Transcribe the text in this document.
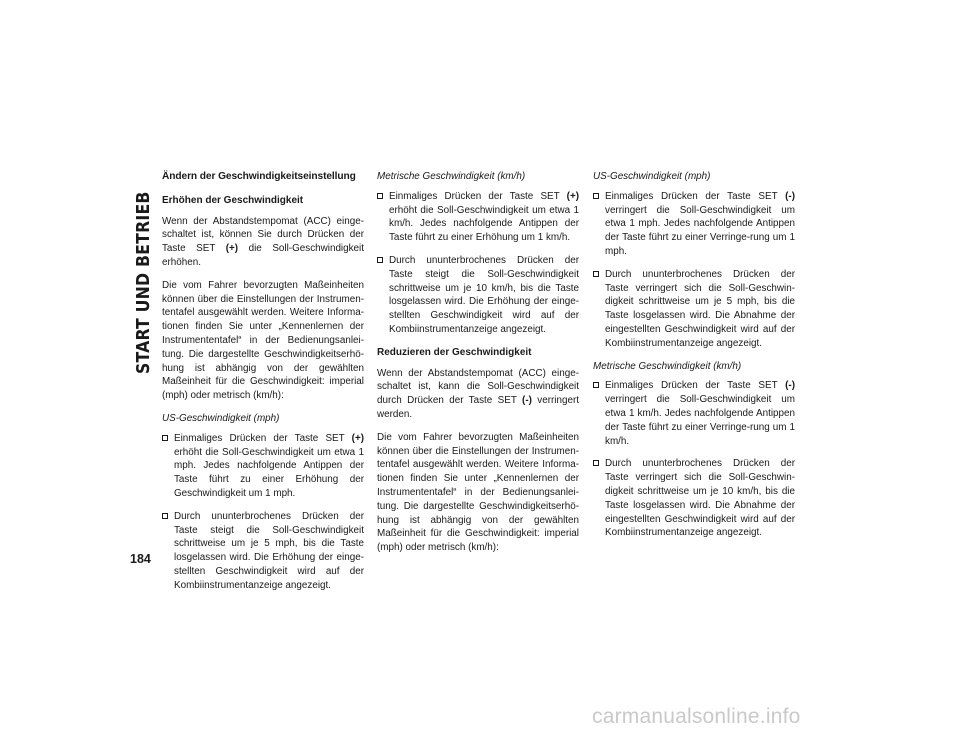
START UND BETRIEB
184
Ändern der Geschwindigkeitseinstellung
Erhöhen der Geschwindigkeit

Wenn der Abstandstempomat (ACC) einge-schaltet ist, können Sie durch Drücken der Taste SET (+) die Soll-Geschwindigkeit erhöhen.

Die vom Fahrer bevorzugten Maßeinheiten können über die Einstellungen der Instrumen-tentafel ausgewählt werden. Weitere Informa-tionen finden Sie unter „Kennenlernen der Instrumententafel“ in der Bedienungsanlei-tung. Die dargestellte Geschwindigkeitserhö-hung ist abhängig von der gewählten Maßeinheit für die Geschwindigkeit: imperial (mph) oder metrisch (km/h):

US-Geschwindigkeit (mph)
Einmaliges Drücken der Taste SET (+) erhöht die Soll-Geschwindigkeit um etwa 1 mph. Jedes nachfolgende Antippen der Taste führt zu einer Erhöhung der Geschwindigkeit um 1 mph.
Durch ununterbrochenes Drücken der Taste steigt die Soll-Geschwindigkeit schrittweise um je 5 mph, bis die Taste losgelassen wird. Die Erhöhung der einge-stellten Geschwindigkeit wird auf der Kombiinstrumentanzeige angezeigt.
Metrische Geschwindigkeit (km/h)
Einmaliges Drücken der Taste SET (+) erhöht die Soll-Geschwindigkeit um etwa 1 km/h. Jedes nachfolgende Antippen der Taste führt zu einer Erhöhung um 1 km/h.
Durch ununterbrochenes Drücken der Taste steigt die Soll-Geschwindigkeit schrittweise um je 10 km/h, bis die Taste losgelassen wird. Die Erhöhung der einge-stellten Geschwindigkeit wird auf der Kombiinstrumentanzeige angezeigt.
Reduzieren der Geschwindigkeit

Wenn der Abstandstempomat (ACC) einge-schaltet ist, kann die Soll-Geschwindigkeit durch Drücken der Taste SET (-) verringert werden.

Die vom Fahrer bevorzugten Maßeinheiten können über die Einstellungen der Instrumen-tentafel ausgewählt werden. Weitere Informa-tionen finden Sie unter „Kennenlernen der Instrumententafel“ in der Bedienungsanlei-tung. Die dargestellte Geschwindigkeitserhö-hung ist abhängig von der gewählten Maßeinheit für die Geschwindigkeit: imperial (mph) oder metrisch (km/h):

US-Geschwindigkeit (mph)
Einmaliges Drücken der Taste SET (-) verringert die Soll-Geschwindigkeit um etwa 1 mph. Jedes nachfolgende Antippen der Taste führt zu einer Verringe-rung um 1 mph.
Durch ununterbrochenes Drücken der Taste verringert sich die Soll-Geschwin-digkeit schrittweise um je 5 mph, bis die Taste losgelassen wird. Die Abnahme der eingestellten Geschwindigkeit wird auf der Kombiinstrumentanzeige angezeigt.
Metrische Geschwindigkeit (km/h)
Einmaliges Drücken der Taste SET (-) verringert die Soll-Geschwindigkeit um etwa 1 km/h. Jedes nachfolgende Antippen der Taste führt zu einer Verringe-rung um 1 km/h.
Durch ununterbrochenes Drücken der Taste verringert sich die Soll-Geschwin-digkeit schrittweise um je 10 km/h, bis die Taste losgelassen wird. Die Abnahme der eingestellten Geschwindigkeit wird auf der Kombiinstrumentanzeige angezeigt.
carmanualsonline.info
